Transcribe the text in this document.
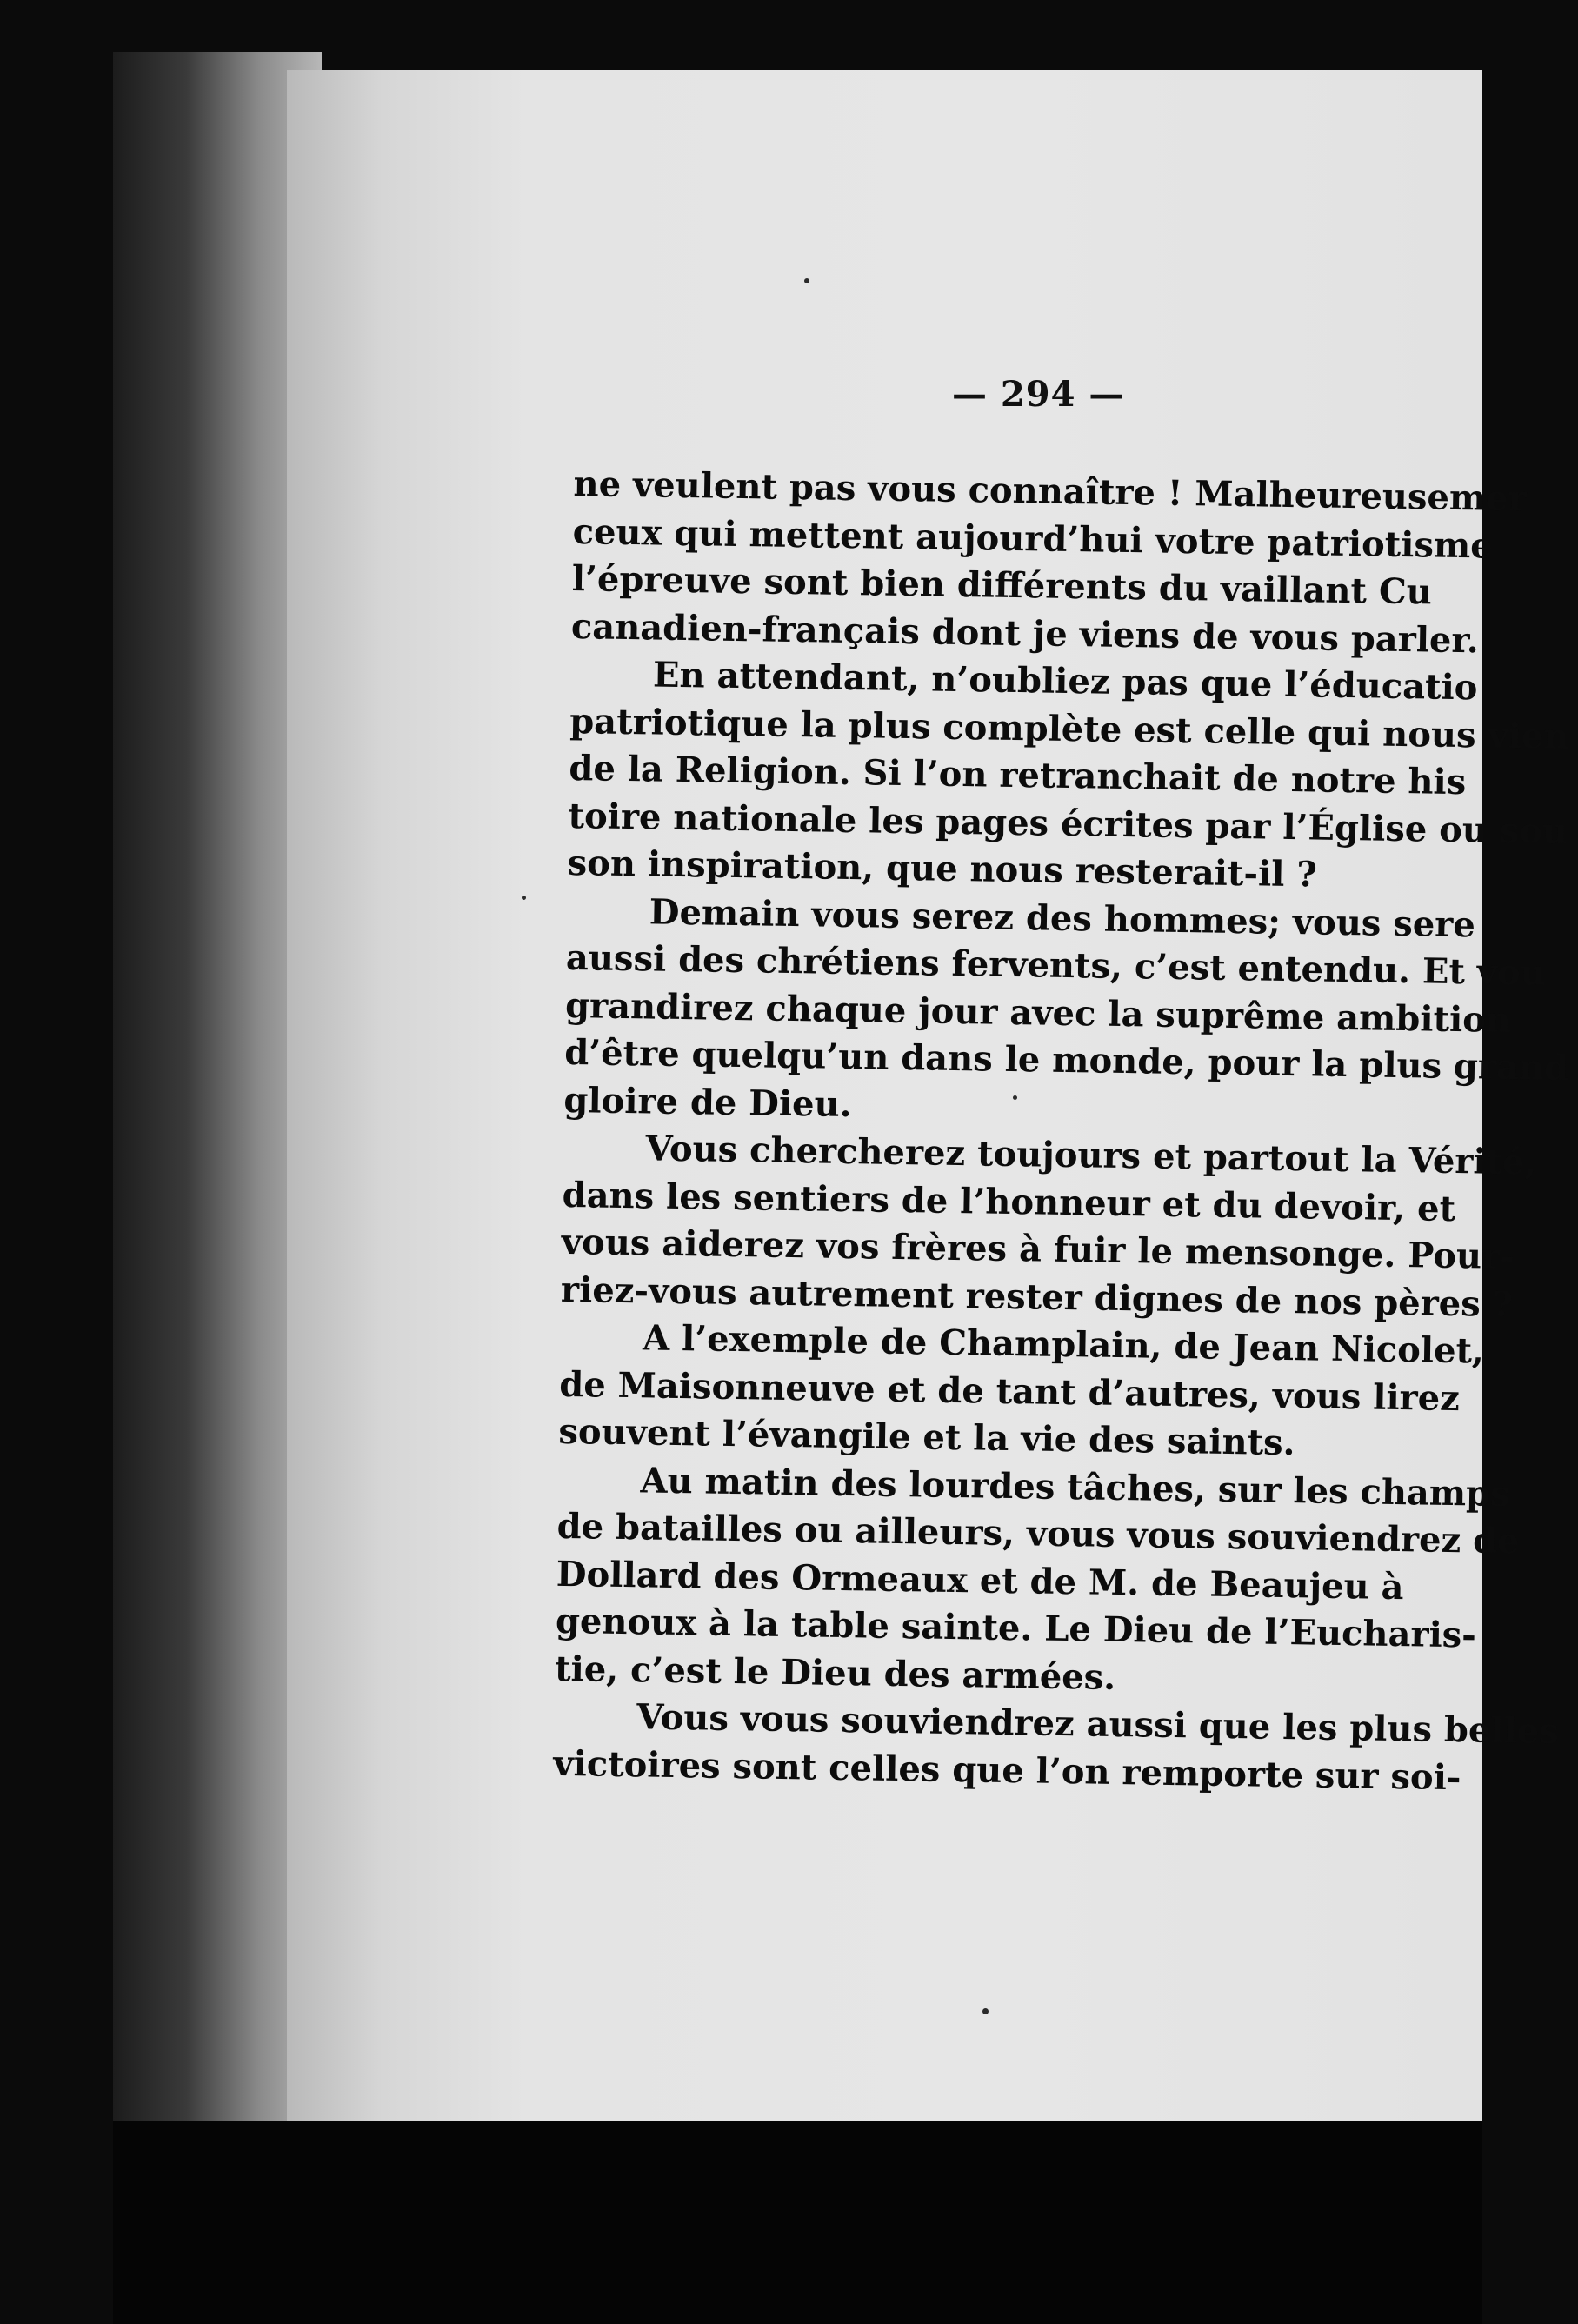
— 294 —
ne veulent pas vous connaître ! Malheureusemer
ceux qui mettent aujourd’hui votre patriotisme
l’épreuve sont bien différents du vaillant Cu
canadien-français dont je viens de vous parler.
En attendant, n’oubliez pas que l’éducatio
patriotique la plus complète est celle qui nous vien
de la Religion. Si l’on retranchait de notre his
toire nationale les pages écrites par l’Église ou sou
son inspiration, que nous resterait-il ?
Demain vous serez des hommes; vous sere
aussi des chrétiens fervents, c’est entendu. Et vou
grandirez chaque jour avec la suprême ambition
d’être quelqu’un dans le monde, pour la plus grand
gloire de Dieu.
Vous chercherez toujours et partout la Vérité,
dans les sentiers de l’honneur et du devoir, et
vous aiderez vos frères à fuir le mensonge. Pour-
riez-vous autrement rester dignes de nos pères ?
A l’exemple de Champlain, de Jean Nicolet,
de Maisonneuve et de tant d’autres, vous lirez
souvent l’évangile et la vie des saints.
Au matin des lourdes tâches, sur les champs
de batailles ou ailleurs, vous vous souviendrez de
Dollard des Ormeaux et de M. de Beaujeu à
genoux à la table sainte. Le Dieu de l’Eucharis-
tie, c’est le Dieu des armées.
Vous vous souviendrez aussi que les plus belles
victoires sont celles que l’on remporte sur soi-
